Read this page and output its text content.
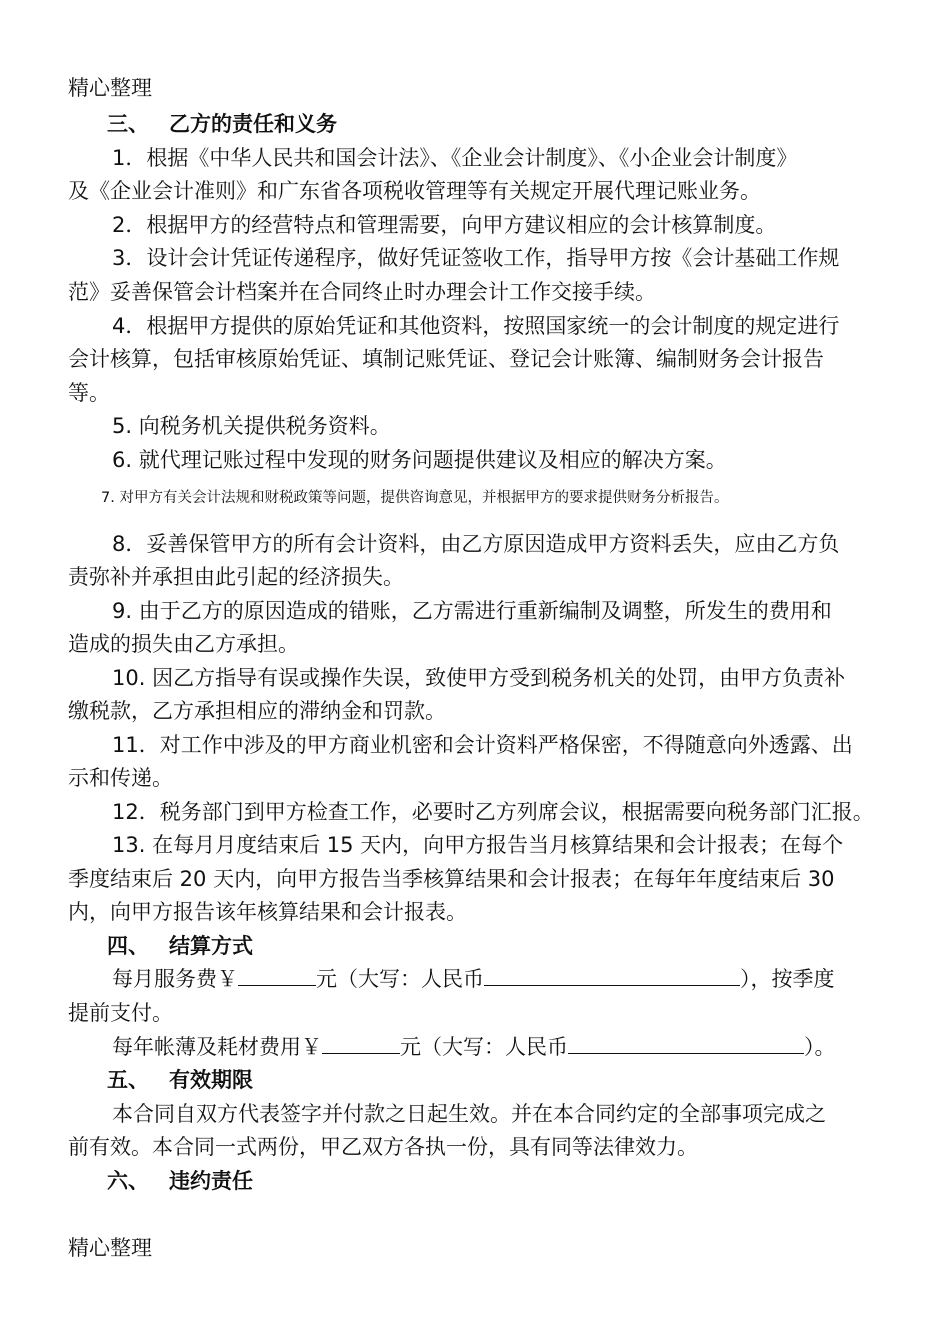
精心整理
三、 乙方的责任和义务
1．根据《中华人民共和国会计法》、《企业会计制度》、《小企业会计制度》
及《企业会计准则》和广东省各项税收管理等有关规定开展代理记账业务。
2．根据甲方的经营特点和管理需要，向甲方建议相应的会计核算制度。
3．设计会计凭证传递程序，做好凭证签收工作，指导甲方按《会计基础工作规
范》妥善保管会计档案并在合同终止时办理会计工作交接手续。
4．根据甲方提供的原始凭证和其他资料，按照国家统一的会计制度的规定进行
会计核算，包括审核原始凭证、填制记账凭证、登记会计账簿、编制财务会计报告
等。
5. 向税务机关提供税务资料。
6. 就代理记账过程中发现的财务问题提供建议及相应的解决方案。
7. 对甲方有关会计法规和财税政策等问题，提供咨询意见，并根据甲方的要求提供财务分析报告。
8．妥善保管甲方的所有会计资料，由乙方原因造成甲方资料丢失，应由乙方负
责弥补并承担由此引起的经济损失。
9. 由于乙方的原因造成的错账，乙方需进行重新编制及调整，所发生的费用和
造成的损失由乙方承担。
10. 因乙方指导有误或操作失误，致使甲方受到税务机关的处罚，由甲方负责补
缴税款，乙方承担相应的滞纳金和罚款。
11．对工作中涉及的甲方商业机密和会计资料严格保密，不得随意向外透露、出
示和传递。
12．税务部门到甲方检查工作，必要时乙方列席会议，根据需要向税务部门汇报。
13. 在每月月度结束后 15 天内，向甲方报告当月核算结果和会计报表；在每个
季度结束后 20 天内，向甲方报告当季核算结果和会计报表；在每年年度结束后 30
内，向甲方报告该年核算结果和会计报表。
四、 结算方式
每月服务费￥	元（大写：人民币	），按季度
提前支付。
每年帐薄及耗材费用￥	元（大写：人民币	）。
五、 有效期限
本合同自双方代表签字并付款之日起生效。并在本合同约定的全部事项完成之
前有效。本合同一式两份，甲乙双方各执一份，具有同等法律效力。
六、 违约责任
精心整理
